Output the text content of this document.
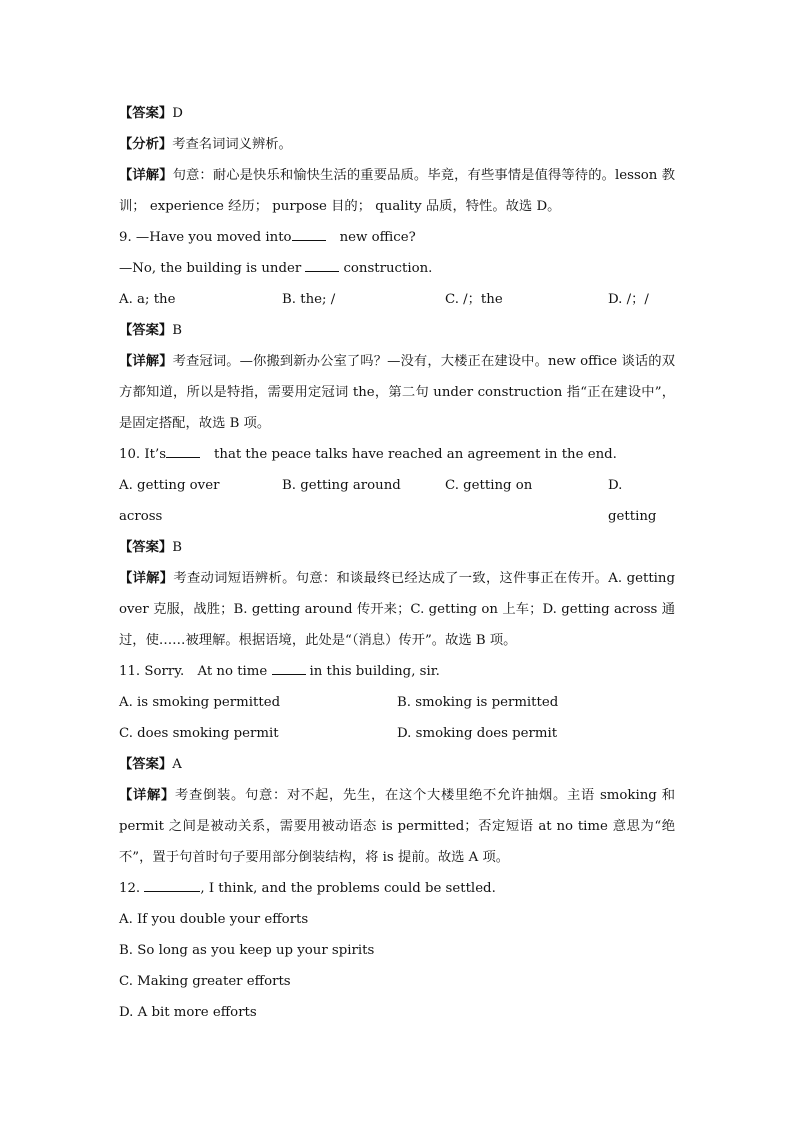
【答案】D
【分析】考查名词词义辨析。
【详解】句意：耐心是快乐和愉快生活的重要品质。毕竟，有些事情是值得等待的。lesson 教训； experience 经历； purpose 目的； quality 品质，特性。故选 D。
9. —Have you moved into	new office?
—No, the building is under	construction.
A. a; the	B. the; /	C. /；the	D. /；/
【答案】B
【详解】考查冠词。—你搬到新办公室了吗？—没有，大楼正在建设中。new office 谈话的双方都知道，所以是特指，需要用定冠词 the，第二句 under construction 指“正在建设中”，是固定搭配，故选 B 项。
10. It’s	that the peace talks have reached an agreement in the end.
A. getting over	B. getting around	C. getting on	D.　getting
across
【答案】B
【详解】考查动词短语辨析。句意：和谈最终已经达成了一致，这件事正在传开。A. getting over 克服，战胜；B. getting around 传开来；C. getting on 上车；D. getting across 通过，使……被理解。根据语境，此处是“（消息）传开”。故选 B 项。
11. Sorry.　At no time	in this building, sir.
A. is smoking permitted	B. smoking is permitted
C. does smoking permit	D. smoking does permit
【答案】A
【详解】考查倒装。句意：对不起，先生，在这个大楼里绝不允许抽烟。主语 smoking 和 permit 之间是被动关系，需要用被动语态 is permitted；否定短语 at no time 意思为“绝不”，置于句首时句子要用部分倒装结构，将 is 提前。故选 A 项。
12.	, I think, and the problems could be settled.
A. If you double your efforts
B. So long as you keep up your spirits
C. Making greater efforts
D. A bit more efforts
